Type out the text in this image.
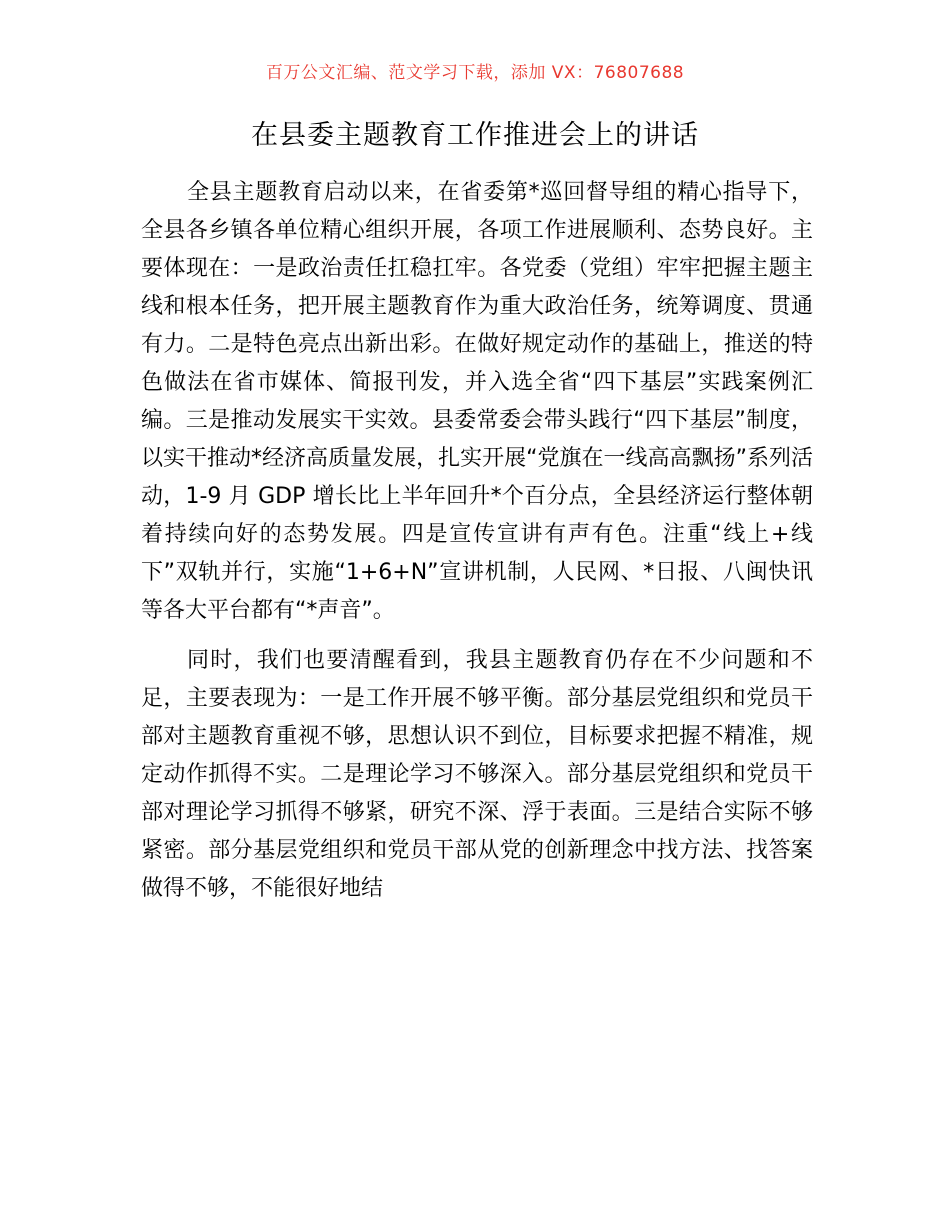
百万公文汇编、范文学习下载，添加 VX：76807688
在县委主题教育工作推进会上的讲话

全县主题教育启动以来，在省委第*巡回督导组的精心指导下，全县各乡镇各单位精心组织开展，各项工作进展顺利、态势良好。主要体现在：一是政治责任扛稳扛牢。各党委（党组）牢牢把握主题主线和根本任务，把开展主题教育作为重大政治任务，统筹调度、贯通有力。二是特色亮点出新出彩。在做好规定动作的基础上，推送的特色做法在省市媒体、简报刊发，并入选全省“四下基层”实践案例汇编。三是推动发展实干实效。县委常委会带头践行“四下基层”制度，以实干推动*经济高质量发展，扎实开展“党旗在一线高高飘扬”系列活动，1-9 月 GDP 增长比上半年回升*个百分点，全县经济运行整体朝着持续向好的态势发展。四是宣传宣讲有声有色。注重“线上+线下”双轨并行，实施“1+6+N”宣讲机制，人民网、*日报、八闽快讯等各大平台都有“*声音”。

同时，我们也要清醒看到，我县主题教育仍存在不少问题和不足，主要表现为：一是工作开展不够平衡。部分基层党组织和党员干部对主题教育重视不够，思想认识不到位，目标要求把握不精准，规定动作抓得不实。二是理论学习不够深入。部分基层党组织和党员干部对理论学习抓得不够紧，研究不深、浮于表面。三是结合实际不够紧密。部分基层党组织和党员干部从党的创新理念中找方法、找答案做得不够，不能很好地结
